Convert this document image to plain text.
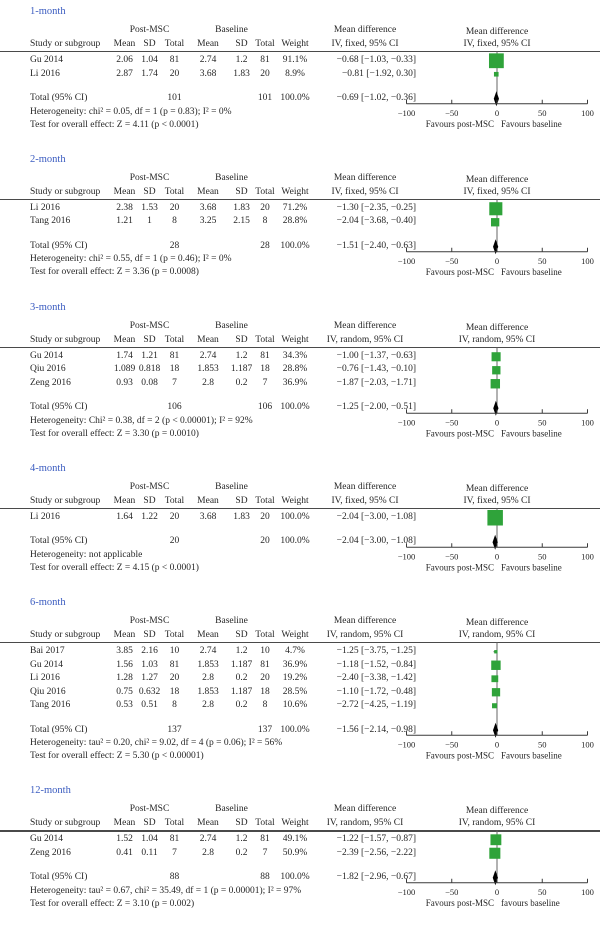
1-month
Post-MSC	Baseline	Mean difference
Study or subgroup	Mean SD Total	Mean	SD Total Weight	IV, fixed, 95% CI
Gu 2014	2.06 1.04	81	2.74	1.2	81	91.1%	−0.68 [−1.03, −0.33]
Li 2016	2.87 1.74	20	3.68	1.83	20	8.9%	−0.81 [−1.92, 0.30]
Total (95% CI)	101	101 100.0%	−0.69 [−1.02, −0.36]
Heterogeneity: chi² = 0.05, df = 1 (p = 0.83); I² = 0%
Test for overall effect: Z = 4.11 (p < 0.0001)
Mean difference
IV, fixed, 95% CI
−100	−50	0	50	100
Favours post-MSC Favours baseline
2-month
Post-MSC	Baseline	Mean difference
Study or subgroup	Mean SD Total	Mean	SD Total Weight	IV, fixed, 95% CI
Li 2016	2.38 1.53	20	3.68	1.83	20	71.2%	−1.30 [−2.35, −0.25]
Tang 2016	1.21	1	8	3.25	2.15	8	28.8%	−2.04 [−3.68, −0.40]
Total (95% CI)	28	28	100.0%	−1.51 [−2.40, −0.63]
Heterogeneity: chi² = 0.55, df = 1 (p = 0.46); I² = 0%
Test for overall effect: Z = 3.36 (p = 0.0008)
Mean difference
IV, fixed, 95% CI
−100	−50	0	50	100
Favours post-MSC Favours baseline
3-month
Post-MSC	Baseline	Mean difference
Study or subgroup	Mean SD Total	Mean	SD Total Weight	IV, random, 95% CI
Gu 2014	1.74 1.21	81	2.74	1.2	81	34.3%	−1.00 [−1.37, −0.63]
Qiu 2016	1.089 0.818	18	1.853	1.187 18	28.8%	−0.76 [−1.43, −0.10]
Zeng 2016	0.93 0.08	7	2.8	0.2	7	36.9%	−1.87 [−2.03, −1.71]
Total (95% CI)	106	106 100.0%	−1.25 [−2.00, −0.51]
Heterogeneity: Chi² = 0.38, df = 2 (p < 0.00001); I² = 92%
Test for overall effect: Z = 3.30 (p = 0.0010)
Mean difference
IV, random, 95% CI
−100	−50	0	50	100
Favours post-MSC Favours baseline
4-month
Post-MSC	Baseline	Mean difference
Study or subgroup	Mean SD Total	Mean	SD Total Weight	IV, fixed, 95% CI
Li 2016	1.64 1.22	20	3.68	1.83	20	100.0%	−2.04 [−3.00, −1.08]
Total (95% CI)	20	20	100.0%	−2.04 [−3.00, −1.08]
Heterogeneity: not applicable
Test for overall effect: Z = 4.15 (p < 0.0001)
Mean difference
IV, fixed, 95% CI
−100	−50	0	50	100
Favours post-MSC Favours baseline
6-month
Post-MSC	Baseline	Mean difference
Study or subgroup	Mean SD Total	Mean	SD Total Weight	IV, random, 95% CI
Bai 2017	3.85 2.16	10	2.74	1.2	10	4.7%	−1.25 [−3.75, −1.25]
Gu 2014	1.56 1.03	81	1.853	1.187 81	36.9%	−1.18 [−1.52, −0.84]
Li 2016	1.28 1.27	20	2.8	0.2	20	19.2%	−2.40 [−3.38, −1.42]
Qiu 2016	0.75 0.632	18	1.853	1.187 18	28.5%	−1.10 [−1.72, −0.48]
Tang 2016	0.53 0.51	8	2.8	0.2	8	10.6%	−2.72 [−4.25, −1.19]
Total (95% CI)	137	137 100.0%	−1.56 [−2.14, −0.98]
Heterogeneity: tau² = 0.20, chi² = 9.02, df = 4 (p = 0.06); I² = 56%
Test for overall effect: Z = 5.30 (p < 0.00001)
Mean difference
IV, random, 95% CI
−100	−50	0	50	100
Favours post-MSC Favours baseline
12-month
Post-MSC	Baseline	Mean difference
Study or subgroup	Mean SD Total	Mean	SD Total Weight	IV, random, 95% CI
Gu 2014	1.52 1.04	81	2.74	1.2	81	49.1%	−1.22 [−1.57, −0.87]
Zeng 2016	0.41 0.11	7	2.8	0.2	7	50.9%	−2.39 [−2.56, −2.22]
Total (95% CI)	88	88	100.0%	−1.82 [−2.96, −0.67]
Heterogeneity: tau² = 0.67, chi² = 35.49, df = 1 (p = 0.00001); I² = 97%
Test for overall effect: Z = 3.10 (p = 0.002)
Mean difference
IV, random, 95% CI
−100	−50	0	50	100
Favours post-MSC favours baseline
